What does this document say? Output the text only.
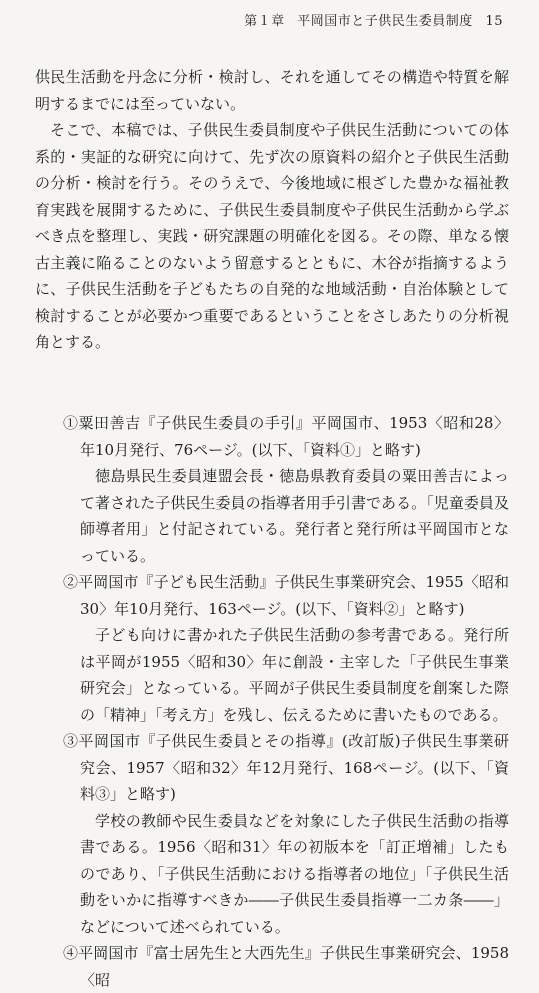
第１章 平岡国市と子供民生委員制度 15

供民生活動を丹念に分析・検討し、それを通してその構造や特質を解明するまでには至っていない。

そこで、本稿では、子供民生委員制度や子供民生活動についての体系的・実証的な研究に向けて、先ず次の原資料の紹介と子供民生活動の分析・検討を行う。そのうえで、今後地域に根ざした豊かな福祉教育実践を展開するために、子供民生委員制度や子供民生活動から学ぶべき点を整理し、実践・研究課題の明確化を図る。その際、単なる懐古主義に陥ることのないよう留意するとともに、木谷が指摘するように、子供民生活動を子どもたちの自発的な地域活動・自治体験として検討することが必要かつ重要であるということをさしあたりの分析視角とする。

①粟田善吉『子供民生委員の手引』平岡国市、1953〈昭和28〉年10月発行、76ページ。(以下、「資料①」と略す)

徳島県民生委員連盟会長・徳島県教育委員の粟田善吉によって著された子供民生委員の指導者用手引書である。「児童委員及師導者用」と付記されている。発行者と発行所は平岡国市となっている。

②平岡国市『子ども民生活動』子供民生事業研究会、1955〈昭和30〉年10月発行、163ページ。(以下、「資料②」と略す)

子ども向けに書かれた子供民生活動の参考書である。発行所は平岡が1955〈昭和30〉年に創設・主宰した「子供民生事業研究会」となっている。平岡が子供民生委員制度を創案した際の「精神」「考え方」を残し、伝えるために書いたものである。

③平岡国市『子供民生委員とその指導』(改訂版)子供民生事業研究会、1957〈昭和32〉年12月発行、168ページ。(以下、「資料③」と略す)

学校の教師や民生委員などを対象にした子供民生活動の指導書である。1956〈昭和31〉年の初版本を「訂正増補」したものであり、「子供民生活動における指導者の地位」「子供民生活動をいかに指導すべきか――子供民生委員指導一二カ条――」などについて述べられている。

④平岡国市『富士居先生と大西先生』子供民生事業研究会、1958〈昭
